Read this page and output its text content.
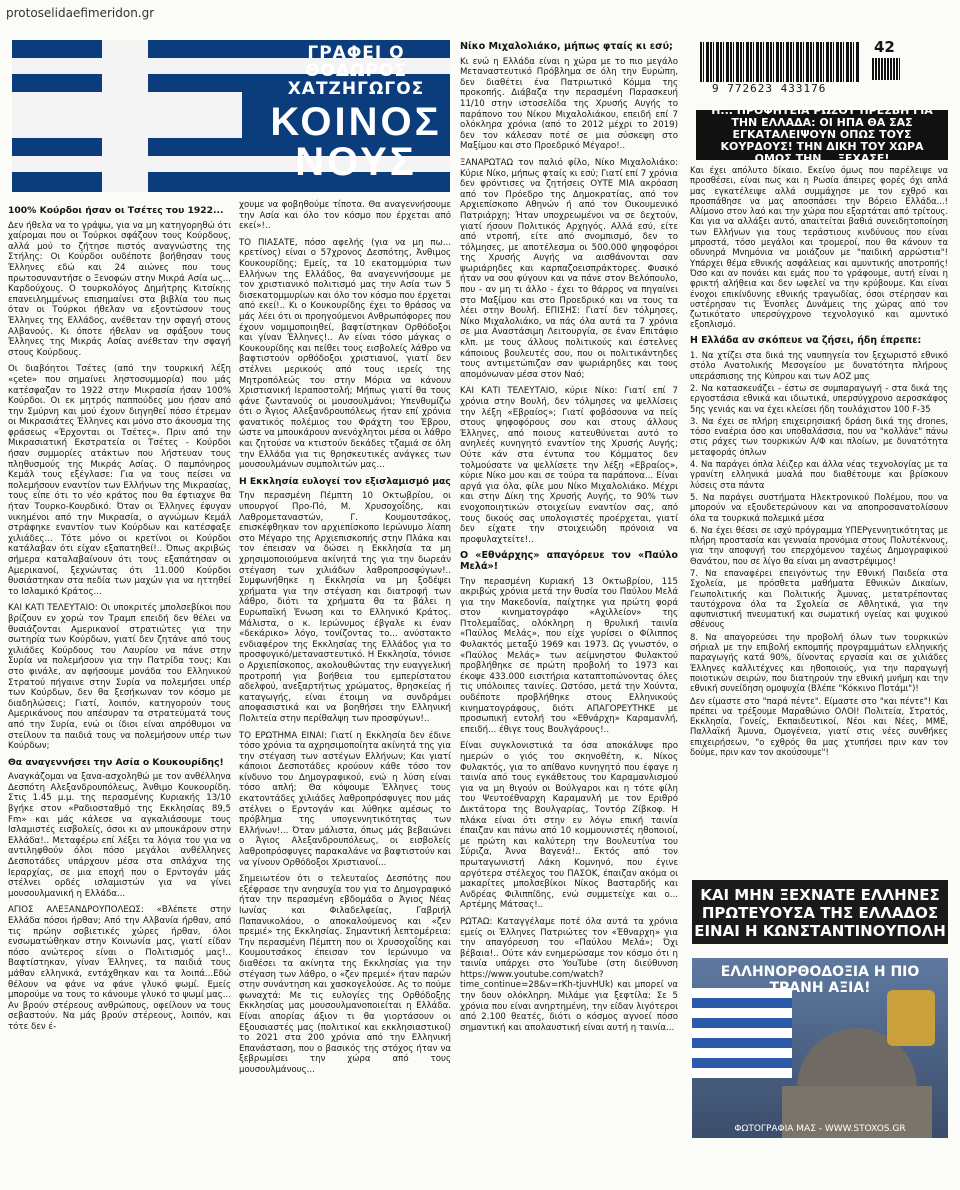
protoselidaefimeridon.gr
ΓΡΑΦΕΙ Ο ΘΟΔΩΡΟΣ
ΧΑΤΖΗΓΩΓΟΣ
ΚΟΙΝΟΣ
ΝΟΥΣ
9 772623 433176
42
Η... ΠΡΟΦΗΤΕΙΑ ΡΩΣΟΥ ΠΡΕΣΒΗ ΓΙΑ ΤΗΝ ΕΛΛΑΔΑ: ΟΙ ΗΠΑ ΘΑ ΣΑΣ ΕΓΚΑΤΑΛΕΙΨΟΥΝ ΟΠΩΣ ΤΟΥΣ ΚΟΥΡΔΟΥΣ! ΤΗΝ ΔΙΚΗ ΤΟΥ ΧΩΡΑ ΟΜΩΣ ΤΗΝ... ΞΕΧΑΣΕ!
100% Κούρδοι ήσαν οι Τσέτες του 1922...

Δεν ήθελα να το γράψω, για να μη κατηγορηθώ ότι χαίρομαι που οι Τούρκοι σφάζουν τους Κούρδους, αλλά μού το ζήτησε πιστός αναγνώστης της Στήλης: Οι Κούρδοι ουδέποτε βοήθησαν τους Έλληνες εδώ και 24 αιώνες που τους πρωτοσυναντήσε ο Ξενοφών στην Μικρά Ασία ως... Καρδούχους. Ο τουρκολόγος Δημήτρης Κιτσίκης επανειλημμένως επισημαίνει στα βιβλία του πως όταν οι Τούρκοι ήθελαν να εξοντώσουν τους Έλληνες της Ελλάδος, ανέθεταν την σφαγή στους Αλβανούς. Κι όποτε ήθελαν να σφάξουν τους Έλληνες της Μικράς Ασίας ανέθεταν την σφαγή στους Κούρδους.

Οι διαβόητοι Τσέτες (από την τουρκική λέξη «çete» που σημαίνει ληστοσυμμορία) που μάς κατέσφαζαν το 1922 στην Μικρασία ήσαν 100% Κούρδοι. Οι εκ μητρός παππούδες μου ήσαν από την Σμύρνη και μού έχουν διηγηθεί πόσο έτρεμαν οι Μικρασιάτες Έλληνες και μόνο στο άκουσμα της φράσεως «Έρχονται οι Τσέτες». Πριν από την Μικρασιατική Εκστρατεία οι Τσέτες - Κούρδοι ήσαν συμμορίες ατάκτων που λήστευαν τους πληθυσμούς της Μικράς Ασίας. Ο παμπόνηρος Κεμάλ τους εξέγλασε: Για να τους πείσει να πολεμήσουν εναντίον των Ελλήνων της Μικρασίας, τους είπε ότι το νέο κράτος που θα έφτιαχνε θα ήταν Τουρκο-Κουρδικό. Όταν οι Έλληνες έφυγαν νικημένοι από την Μικρασία, ο αγνώμων Κεμάλ στράφηκε εναντίον των Κούρδων και κατέσφαξε χιλιάδες... Τότε μόνο οι κρετίνοι οι Κούρδοι κατάλαβαν ότι είχαν εξαπατηθεί!.. Όπως ακριβώς σήμερα καταλαβαίνουν ότι τους εξαπάτησαν οι Αμερικανοί, ξεχνώντας ότι 11.000 Κούρδοι θυσιάστηκαν στα πεδία των μαχών για να ηττηθεί το Ισλαμικό Κράτος...

ΚΑΙ ΚΑΤΙ ΤΕΛΕΥΤΑΙΟ: Οι υποκριτές μπολσεβίκοι που βρίζουν εν χορώ τον Τραμπ επειδή δεν θέλει να θυσιάζονται Αμερικανοί στρατιώτες για την σωτηρία των Κούρδων, γιατί δεν ζητάνε από τους χιλιάδες Κούρδους του Λαυρίου να πάνε στην Συρία να πολεμήσουν για την Πατρίδα τους; Και στο φινάλε, αν αφήσουμε μονάδα του Ελληνικού Στρατού πήγαινε στην Συρία να πολεμήσει υπέρ των Κούρδων, δεν θα ξεσήκωναν τον κόσμο με διαδηλώσεις; Γιατί, λοιπόν, κατηγορούν τους Αμερικάνους που απέσυραν τα στρατεύματά τους από την Συρία, ενώ οι ίδιοι είναι απρόθυμοι να στείλουν τα παιδιά τους να πολεμήσουν υπέρ των Κούρδων;

Θα αναγεννήσει την Ασία ο Κουκουρίδης!

Αναγκάζομαι να ξανα-ασχοληθώ με τον ανθέλληνα Δεσπότη Αλεξανδρουπόλεως, Άνθιμο Κουκουρίδη. Στις 1.45 μ.μ. της περασμένης Κυριακής 13/10 βγήκε στον «Ραδιοσταθμό της Εκκλησίας 89,5 Fm» και μάς κάλεσε να αγκαλιάσουμε τους Ισλαμιστές εισβολείς, όσοι κι αν μπουκάρουν στην Ελλάδα!.. Μεταφέρω επί λέξει τα λόγια του για να αντιληφθούν όλοι πόσο μεγάλοι ανθέλληνες Δεσποτάδες υπάρχουν μέσα στα σπλάχνα της Ιεραρχίας, σε μια εποχή που ο Ερντογάν μάς στέλνει ορδές ισλαμιστών για να γίνει μουσουλμανική η Ελλάδα...

ΑΓΙΟΣ ΑΛΕΞΑΝΔΡΟΥΠΟΛΕΩΣ: «Βλέπετε στην Ελλάδα πόσοι ήρθαν; Από την Αλβανία ήρθαν, από τις πρώην σοβιετικές χώρες ήρθαν, όλοι ενσωματώθηκαν στην Κοινωνία μας, γιατί είδαν πόσο ανώτερος είναι ο Πολιτισμός μας!.. Βαφτίστηκαν, γίναν Έλληνες, τα παιδιά τους μάθαν ελληνικά, εντάχθηκαν και τα λοιπά...Εδώ θέλουν να φάνε να φάνε γλυκό ψωμί. Εμείς μπορούμε να τους το κάνουμε γλυκό το ψωμί μας... Αν βρούν στέρεους ανθρώπους, οφείλουν να τους σεβαστούν. Να μάς βρούν στέρεους, λοιπόν, και τότε δεν έ-

χουμε να φοβηθούμε τίποτα. Θα αναγεννήσουμε την Ασία και όλο τον κόσμο που έρχεται από εκεί»!..

ΤΟ ΠΙΑΣΑΤΕ, πόσο αφελής (για να μη πω... κρετίνος) είναι ο 57χρονος Δεσπότης, Άνθιμος Κουκουρίδης; Εμείς, τα 10 εκατομμύρια των Ελλήνων της Ελλάδος, θα αναγεννήσουμε με τον χριστιανικό πολιτισμό μας την Ασία των 5 δισεκατομμυρίων και όλο τον κόσμο που έρχεται από εκεί!.. Κι ο Κουκουρίδης έχει το θράσος να μάς λέει ότι οι προηγούμενοι Ανθρωπόφορες που έχουν νομιμοποιηθεί, βαφτίστηκαν Ορθόδοξοι και γίναν Έλληνες!.. Αν είναι τόσο μάγκας ο Κουκουρίδης και πείθει τους εισβολείς λάθρο να βαφτιστούν ορθόδοξοι χριστιανοί, γιατί δεν στέλνει μερικούς από τους ιερείς της Μητροπόλεώς του στην Μόρια να κάνουν Χριστιανική Ιεραποστολή; Μήπως γιατί θα τους φάνε ζωντανούς οι μουσουλμάνοι; Υπενθυμίζω ότι ο Άγιος Αλεξανδρουπόλεως ήταν επί χρόνια φανατικός πολέμιος του Φράχτη του Έβρου, ώστε να μπουκάρουν ανενόχλητοι μέσα οι λάθρο και ζητούσε να κτιστούν δεκάδες τζαμιά σε όλη την Ελλάδα για τις θρησκευτικές ανάγκες των μουσουλμάνων συμπολιτών μας...

Η Εκκλησία ευλογεί τον εξισλαμισμό μας

Την περασμένη Πέμπτη 10 Οκτωβρίου, οι υπουργοί Προ-Πό, Μ. Χρυσοχοΐδης, και Λαθρομεταναστών, Γ. Κουμουτσάκος, επισκέφθηκαν τον αρχιεπίσκοπο Ιερώνυμο λίαπη στο Μέγαρο της Αρχιεπισκοπής στην Πλάκα και τον έπεισαν να δώσει η Εκκλησία τα μη χρησιμοποιούμενα ακίνητά της για την δωρεάν στέγαση των χιλιάδων λαθροπροσφύγων!.. Συμφωνήθηκε η Εκκλησία να μη ξοδέψει χρήματα για την στέγαση και διατροφή των λάθρο, διότι τα χρήματα θα τα βάλει η Ευρωπαϊκή Ένωση και το Ελληνικό Κράτος. Μάλιστα, ο κ. Ιερώνυμος έβγαλε κι έναν «δεκάρικο» λόγο, τονίζοντας το... ανύστακτο ενδιαφέρον της Εκκλησίας της Ελλάδος για το προσφυγικό/μεταναστευτικό. Η Εκκλησία, τόνισε ο Αρχιεπίσκοπος, ακολουθώντας την ευαγγελική προτροπή για βοήθεια του εμπερίστατου αδελφού, ανεξαρτήτως χρώματος, θρησκείας ή καταγωγής, είναι έτοιμη να συνδράμει αποφασιστικά και να βοηθήσει την Ελληνική Πολιτεία στην περίθαλψη των προσφύγων!..

ΤΟ ΕΡΩΤΗΜΑ ΕΙΝΑΙ: Γιατί η Εκκλησία δεν έδινε τόσο χρόνια τα αχρησιμοποίητα ακίνητά της για την στέγαση των αστέγων Ελλήνων; Και γιατί κάποιοι Δεσποτάδες κρούουν κάθε τόσο τον κίνδυνο του Δημογραφικού, ενώ η λύση είναι τόσο απλή; Θα κόψουμε Έλληνες τους εκατοντάδες χιλιάδες λαθροπρόσφυγες που μάς στέλνει ο Ερντογάν και λύθηκε αμέσως το πρόβλημα της υπογεννητικότητας των Ελλήνων!... Όταν μάλιστα, όπως μάς βεβαιώνει ο Άγιος Αλεξανδρουπόλεως, οι εισβολείς λαθροπρόσφυγες παρακαλάνε να βαφτιστούν και να γίνουν Ορθόδοξοι Χριστιανοί...

Σημειωτέον ότι ο τελευταίος Δεσπότης που εξέφρασε την ανησυχία του για το Δημογραφικό ήταν την περασμένη εβδομάδα ο Άγιος Νέας Ιωνίας και Φιλαδελφείας, Γαβριήλ Παπανικολάου, ο αποκαλούμενος και «ζεν πρεμιέ» της Εκκλησίας. Σημαντική λεπτομέρεια: Την περασμένη Πέμπτη που οι Χρυσοχοΐδης και Κουμουτσάκος έπεισαν τον Ιερώνυμο να διαθέσει τα ακίνητα της Εκκλησίας για την στέγαση των λάθρο, ο «ζεν πρεμιέ» ήταν παρών στην συνάντηση και χασκογελούσε. Ας το πούμε φωναχτά: Με τις ευλογίες της Ορθόδοξης Εκκλησίας μας μουσουλμανοποιείται η Ελλάδα. Είναι απορίας άξιον τι θα γιορτάσουν οι Εξουσιαστές μας (πολιτικοί και εκκλησιαστικοί) το 2021 στα 200 χρόνια από την Ελληνική Επανάσταση, που ο βασικός της στόχος ήταν να ξεβρωμίσει την χώρα από τους μουσουλμάνους...

Νίκο Μιχαλολιάκο, μήπως φταίς κι εσύ;

Κι ενώ η Ελλάδα είναι η χώρα με το πιο μεγάλο Μεταναστευτικό Πρόβλημα σε όλη την Ευρώπη, δεν διαθέτει ένα Πατριωτικό Κόμμα της προκοπής. Διάβαζα την περασμένη Παρασκευή 11/10 στην ιστοσελίδα της Χρυσής Αυγής το παράπονο του Νίκου Μιχαλολιάκου, επειδή επί 7 ολόκληρα χρόνια (από το 2012 μέχρι το 2019) δεν τον κάλεσαν ποτέ σε μια σύσκεψη στο Μαξίμου και στο Προεδρικό Μέγαρο!..

ΞΑΝΑΡΩΤΑΩ τον παλιό φίλο, Νίκο Μιχαλολιάκο: Κύριε Νίκο, μήπως φταίς κι εσύ; Γιατί επί 7 χρόνια δεν φρόντισες να ζητήσεις ΟΥΤΕ ΜΙΑ ακρόαση από τον Πρόεδρο της Δημοκρατίας, από τον Αρχιεπίσκοπο Αθηνών ή από τον Οικουμενικό Πατριάρχη; Ήταν υποχρεωμένοι να σε δεχτούν, γιατί ήσουν Πολιτικός Αρχηγός. Αλλά εσύ, είτε από ντροπή, είτε από σνομπισμό, δεν το τόλμησες, με αποτέλεσμα οι 500.000 ψηφοφόροι της Χρυσής Αυγής να αισθάνονται σαν ψωριάρηδες και καρπαζοεισπράκτορες. Φυσικό ήταν να σου φύγουν και να πάνε στον Βελόπουλο, που - αν μη τι άλλο - έχει το θάρρος να πηγαίνει στο Μαξίμου και στο Προεδρικό και να τους τα λέει στην Βουλή. ΕΠΙΣΗΣ: Γιατί δεν τόλμησες, Νίκο Μιχαλολιάκο, να πάς όλα αυτά τα 7 χρόνια σε μια Αναστάσιμη Λειτουργία, σε έναν Επιτάφιο κλπ. με τους άλλους πολιτικούς και έστελνες κάποιους βουλευτές σου, που οι πολιτικάντηδες τους αντιμετώπιζαν σαν ψωριάρηδες και τους απομόνωναν μέσα στον Ναό;

ΚΑΙ ΚΑΤΙ ΤΕΛΕΥΤΑΙΟ, κύριε Νίκο: Γιατί επί 7 χρόνια στην Βουλή, δεν τόλμησες να ψελλίσεις την λέξη «Εβραίος»; Γιατί φοβόσουνα να πείς στους ψηφοφόρους σου και στους άλλους Έλληνες, από ποιους κατευθύνεται αυτό το ανηλεές κυνηγητό εναντίον της Χρυσής Αυγής; Ούτε κάν στα έντυπα του Κόμματος δεν τολμούσατε να ψελλίσετε την λέξη «Εβραίος», κύριε Νίκο μου και σε τούρα τα παράπονα... Είναι αργά για όλα, φίλε μου Νίκο Μιχαλολιάκο. Μέχρι και στην Δίκη της Χρυσής Αυγής, το 90% των ενοχοποιητικών στοιχείων εναντίον σας, από τους δικούς σας υπολογιστές προέρχεται, γιατί δεν είχατε την στοιχειώδη πρόνοια να προφυλαχτείτε!..

Ο «Εθνάρχης» απαγόρευε τον «Παύλο Μελά»!

Την περασμένη Κυριακή 13 Οκτωβρίου, 115 ακριβώς χρόνια μετά την θυσία του Παύλου Μελά για την Μακεδονία, παίχτηκε για πρώτη φορά στον κινηματογράφο «Αχιλλείον» της Πτολεμαΐδας, ολόκληρη η θρυλική ταινία «Παύλος Μελάς», που είχε γυρίσει ο Φίλιππος Φυλακτός μεταξύ 1969 και 1973. Ως γνωστόν, ο «Παύλος Μελάς» των αείμνηστου Φυλακτού προβλήθηκε σε πρώτη προβολή το 1973 και έκοψε 433.000 εισιτήρια καταπτοπώνοντας όλες τις υπόλοιπες ταινίες. Ωστόσο, μετά την Χούντα, ουδέποτε προβλήθηκε στους Ελληνικούς κινηματογράφους, διότι ΑΠΑΓΟΡΕΥΤΗΚΕ με προσωπική εντολή του «Εθνάρχη» Καραμανλή, επειδή... έθιγε τους Βουλγάρους!..

Είναι συγκλονιστικά τα όσα αποκάλυψε προ ημερών ο γιός του σκηνοθέτη, κ. Νίκος Φυλακτός, για το απίθανο κυνηγητό που έφαγε η ταινία από τους εγκάθετους του Καραμανλισμού για να μη θιγούν οι Βούλγαροι και η τότε φίλη του Ψευτοέθναρχη Καραμανλή με τον Εριθρό Δικτάτορα της Βουλγαρίας, Τοντόρ Ζίβκοφ. Η πλάκα είναι ότι στην εν λόγω επική ταινία έπαιζαν και πάνω από 10 κομμουνιστές ηθοποιοί, με πρώτη και καλύτερη την Βουλευτίνα του Σύριζα, Άννα Βαγενά!.. Εκτός από τον πρωταγωνιστή Λάκη Κομνηνό, που έγινε αργότερα στέλεχος του ΠΑΣΟΚ, έπαιζαν ακόμα οι μακαρίτες μπολσεβίκοι Νίκος Βασταρδής και Ανδρέας Φιλιππίδης, ενώ συμμετείχε και ο... Αρτέμης Μάτσας!..

ΡΩΤΑΩ: Καταγγέλαμε ποτέ όλα αυτά τα χρόνια εμείς οι Έλληνες Πατριώτες τον «Έθναρχη» για την απαγόρευση του «Παύλου Μελά»; Όχι βέβαια!.. Ούτε κάν ενημερώσαμε τον κόσμο ότι η ταινία υπάρχει στο YouTube (στη διεύθυνση https://www.youtube.com/watch?time_continue=28&v=rKh-tjuvHUk) και μπορεί να την δουν ολόκληρη. Μιλάμε για ξεφτίλα: Σε 5 χρόνια που είναι ανηρτημένη, την είδαν λιγότεροι από 2.100 θεατές, διότι ο κόσμος αγνοεί πόσο σημαντική και απολαυστική είναι αυτή η ταινία...

Και έχει απόλυτο δίκαιο. Εκείνο όμως που παρέλειψε να προσθέσει, είναι πως και η Ρωσία άπειρες φορές όχι απλά μας εγκατέλειψε αλλά συμμάχησε με τον εχθρό και προσπάθησε να μας αποσπάσει την Βόρειο Ελλάδα...! Αλίμονο στον λαό και την χώρα που εξαρτάται από τρίτους. Και για να αλλάξει αυτό, απαιτείται βαθιά συνειδητοποίηση των Ελλήνων για τους τεράστιους κινδύνους που είναι μπροστά, τόσο μεγάλοι και τρομεροί, που θα κάνουν τα οδυνηρά Μνημόνια να μοιάζουν με "παιδική αρρώστια"! Υπάρχει θέμα εθνικής ασφάλειας και αμυντικής αποτροπής! Όσο και αν πονάει και εμάς που το γράφουμε, αυτή είναι η φρικτή αλήθεια και δεν ωφελεί να την κρύβουμε. Και είναι ένοχοι επικίνδυνης εθνικής τραγωδίας, όσοι στέρησαν και υστέρησαν τις Ένοπλες Δυνάμεις της χώρας από τον ζωτικότατο υπερσύγχρονο τεχνολογικό και αμυντικό εξοπλισμό.

Η Ελλάδα αν σκόπευε να ζήσει, ήδη έπρεπε:
1. Να χτίζει στα δικά της ναυπηγεία τον ξεχωριστό εθνικό στόλο Ανατολικής Μεσογείου με δυνατότητα πλήρους υπεράσπισης της Κύπρου και των ΑΟΖ μας
2. Να κατασκευάζει - έστω σε συμπαραγωγή - στα δικά της εργοστάσια εθνικά και ιδιωτικά, υπερσύγχρονο αεροσκάφος 5ης γενιάς και να έχει κλείσει ήδη τουλάχιστον 100 F-35
3. Να έχει σε πλήρη επιχειρησιακή δράση δικά της drones, τόσο εναέρια όσο και υποθαλάσσια, που να "κολλάνε" πάνω στις ράχες των τουρκικών Α/Φ και πλοίων, με δυνατότητα μεταφοράς όπλων
4. Να παράγει όπλα λέιζερ και άλλα νέας τεχνολογίας με τα γρανίτη ελληνικά μυαλά που διαθέτουμε και βρίσκουν λύσεις στα πάντα
5. Να παράγει συστήματα Ηλεκτρονικού Πολέμου, που να μπορούν να εξουδετερώνουν και να αποπροσανατολίσουν όλα τα τουρκικά πολεμικά μέσα
6. Να έχει θέσει σε ισχύ πρόγραμμα ΥΠΕΡγεννητικότητας με πλήρη προστασία και γενναία προνόμια στους Πολυτέκνους, για την αποφυγή του επερχόμενου ταχέως Δημογραφικού Θανάτου, που σε λίγο θα είναι μη αναστρέψιμος!
7. Να επαναφέρει επειγόντως την Εθνική Παιδεία στα Σχολεία, με πρόσθετα μαθήματα Εθνικών Δικαίων, Γεωπολιτικής και Πολιτικής Άμυνας, μετατρέποντας ταυτόχρονα όλα τα Σχολεία σε Αθλητικά, για την αφυπνιστική πνευματική και σωματική υγείας και ψυχικού σθένους
8. Να απαγορεύσει την προβολή όλων των τουρκικών σήριαλ με την επιβολή εκπομπής προγραμμάτων ελληνικής παραγωγής κατά 90%, δίνοντας εργασία και σε χιλιάδες Έλληνες καλλιτέχνες και ηθοποιούς, για την παραγωγή ποιοτικών σειρών, που διατηρούν την εθνική μνήμη και την εθνική συνείδηση ομοψυχία (Βλέπε "Κόκκινο Ποτάμι")!

Δεν είμαστε στο "παρά πέντε". Είμαστε στο "και πέντε"! Και πρέπει να τρέξουμε Μαραθώνιο ΟΛΟΙ! Πολιτεία, Στρατός, Εκκλησία, Γονείς, Εκπαιδευτικοί, Νέοι και Νέες, ΜΜΕ, Παλλαϊκή Άμυνα, Ομογένεια, γιατί στις νέες συνθήκες επιχειρήσεων, "ο εχθρός θα μας χτυπήσει πριν καν τον δούμε, πριν καν τον ακούσουμε"!

ΚΑΙ ΜΗΝ ΞΕΧΝΑΤΕ ΕΛΛΗΝΕΣ
ΠΡΩΤΕΥΟΥΣΑ ΤΗΣ ΕΛΛΑΔΟΣ
ΕΙΝΑΙ Η ΚΩΝΣΤΑΝΤΙΝΟΥΠΟΛΗ
ΕΛΛΗΝΟΡΘΟΔΟΞΙΑ Η ΠΙΟ ΤΡΑΝΗ ΑΞΙΑ!
ΦΩΤΟΓΡΑΦΙΑ ΜΑΣ - WWW.STOXOS.GR
